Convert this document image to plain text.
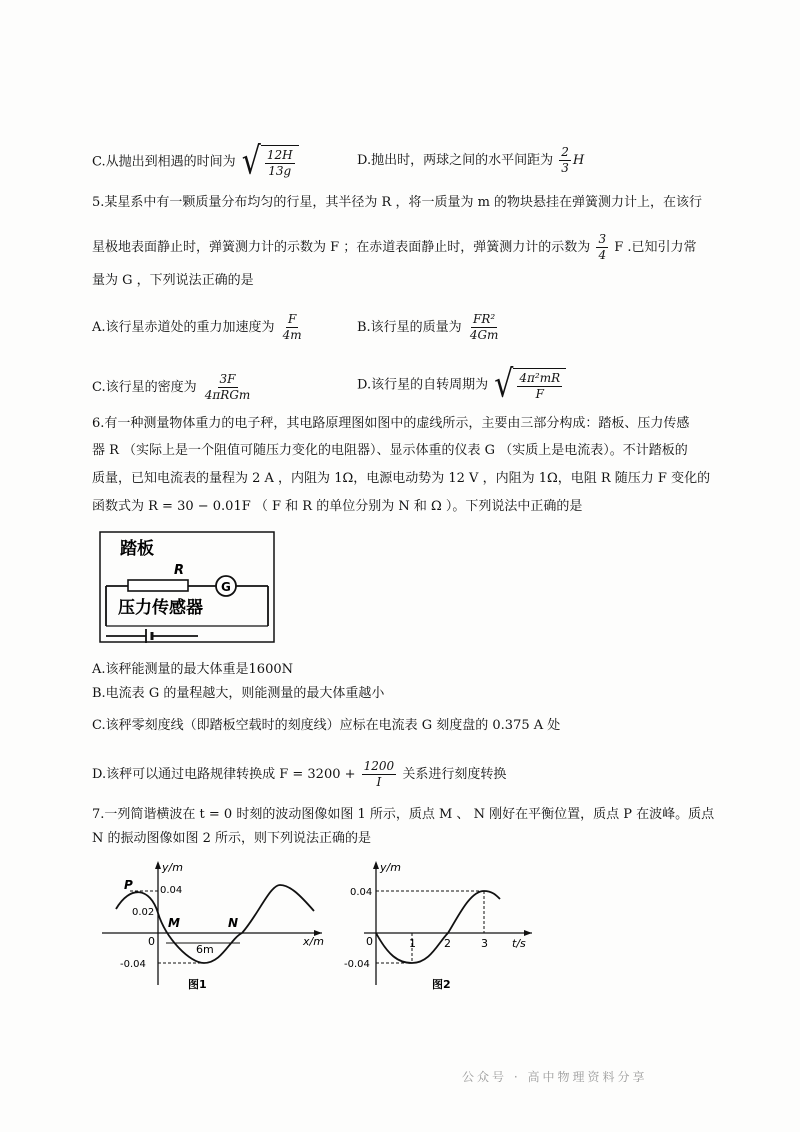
C.从抛出到相遇的时间为 √ $\frac{12H}{13g}$	D.抛出时，两球之间的水平间距为 $\frac{2}{3}$ H
5.某星系中有一颗质量分布均匀的行星，其半径为 R ，将一质量为 m 的物块悬挂在弹簧测力计上，在该行
星极地表面静止时，弹簧测力计的示数为 F ；在赤道表面静止时，弹簧测力计的示数为 $\frac{3}{4}$ F .已知引力常
量为 G ，下列说法正确的是
A.该行星赤道处的重力加速度为 $\frac{F}{4m}$	B.该行星的质量为 $\frac{\text{FR²}}{4Gm}$
C.该行星的密度为 $\frac{3F}{\text{4πRGm}}$	D.该行星的自转周期为 √ $\frac{\text{4π²mR}}{F}$
6.有一种测量物体重力的电子秤，其电路原理图如图中的虚线所示，主要由三部分构成：踏板、压力传感
器 R （实际上是一个阻值可随压力变化的电阻器）、显示体重的仪表 G （实质上是电流表）。不计踏板的
质量，已知电流表的量程为 2 A ，内阻为 1Ω，电源电动势为 12 V ，内阻为 1Ω，电阻 R 随压力 F 变化的
函数式为 R = 30 − 0.01F （ F 和 R 的单位分别为 N 和 Ω ）。下列说法中正确的是
踏板
R
G
压力传感器
A.该秤能测量的最大体重是1600N
B.电流表 G 的量程越大，则能测量的最大体重越小
C.该秤零刻度线（即踏板空载时的刻度线）应标在电流表 G 刻度盘的 0.375 A 处
D.该秤可以通过电路规律转换成 $F = 3200 + \frac{1200}{I}$ 关系进行刻度转换
7.一列简谐横波在 t = 0 时刻的波动图像如图 1 所示，质点 M 、 N 刚好在平衡位置，质点 P 在波峰。质点
N 的振动图像如图 2 所示，则下列说法正确的是
y/m
x/m
0
P	0.04
0.02
-0.04
M	N
6m
图1
y/m
t/s
0
0.04
-0.04
1	2	3
图2
公众号 · 高中物理资料分享
